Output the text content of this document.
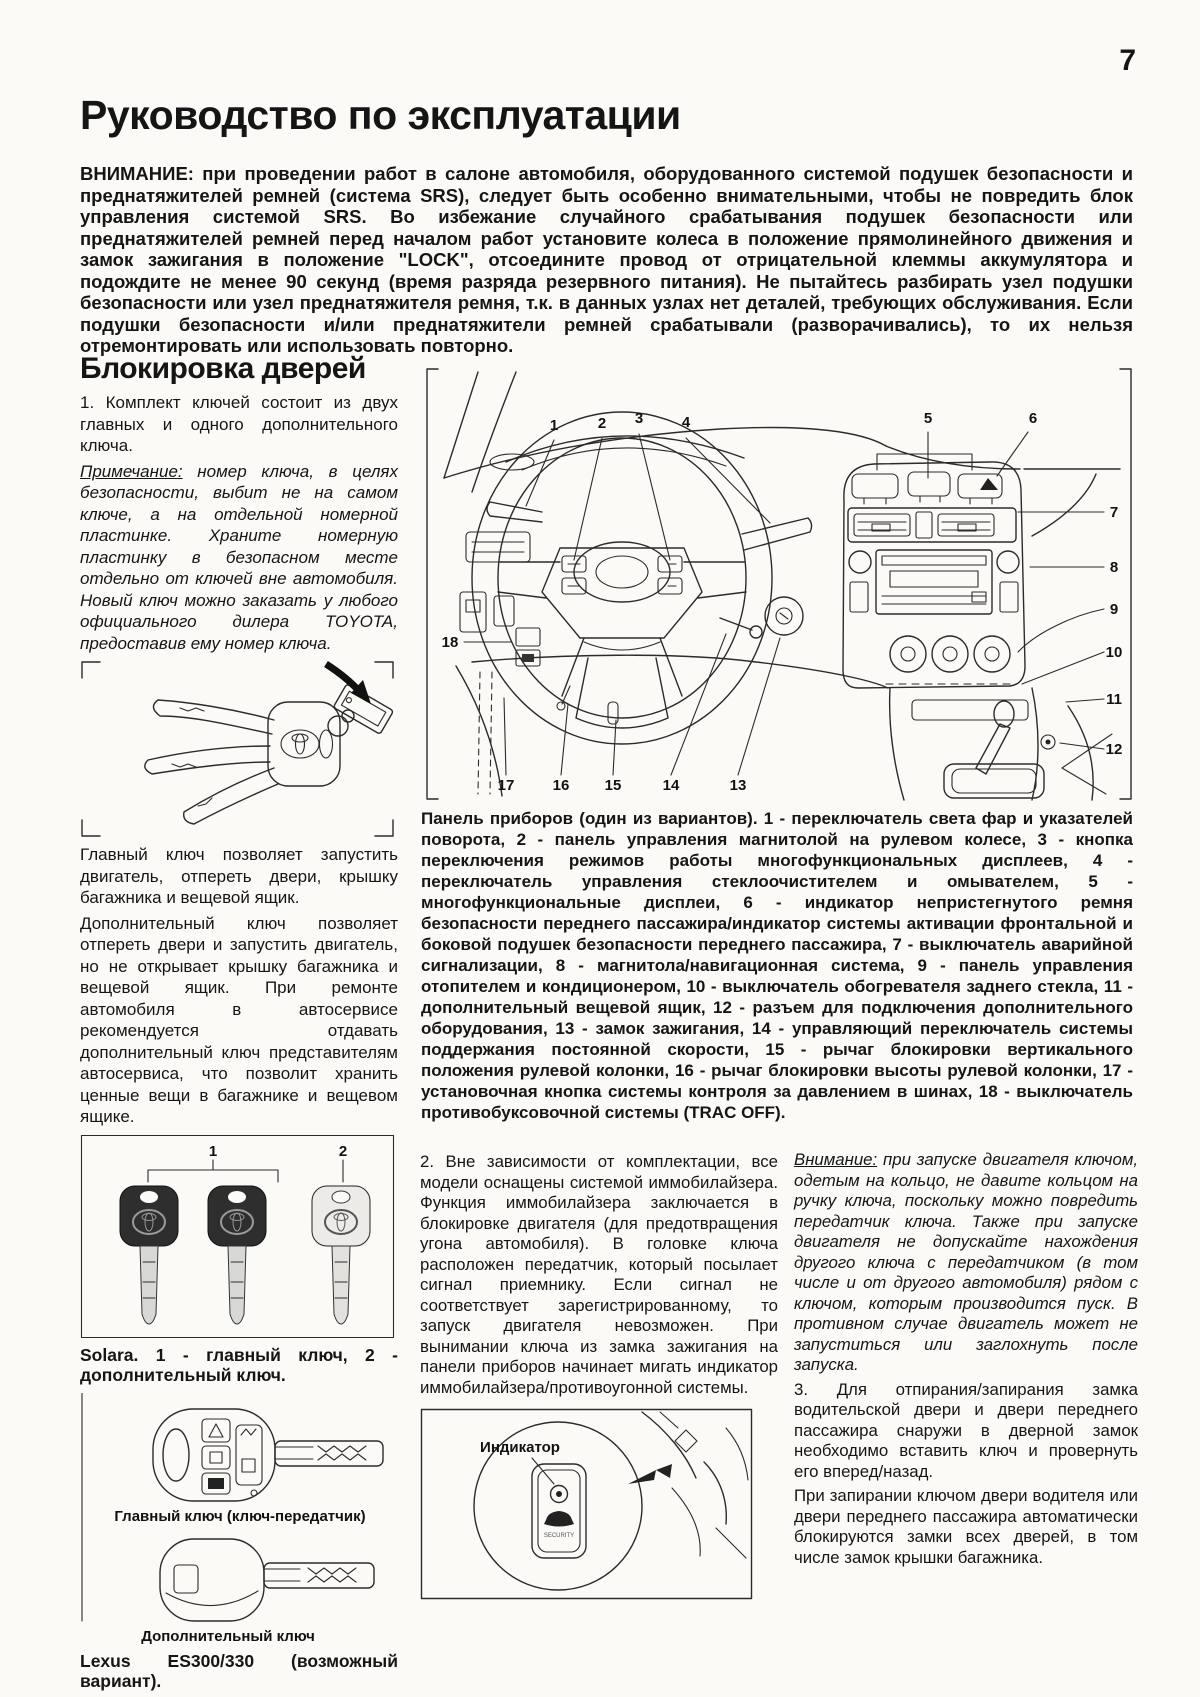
7
Руководство по эксплуатации
ВНИМАНИЕ: при проведении работ в салоне автомобиля, оборудованного системой подушек безопасности и преднатяжителей ремней (система SRS), следует быть особенно внимательными, чтобы не повредить блок управления системой SRS. Во избежание случайного срабатывания подушек безопасности или преднатяжителей ремней перед началом работ установите колеса в положение прямолинейного движения и замок зажигания в положение "LOCK", отсоедините провод от отрицательной клеммы аккумулятора и подождите не менее 90 секунд (время разряда резервного питания). Не пытайтесь разбирать узел подушки безопасности или узел преднатяжителя ремня, т.к. в данных узлах нет деталей, требующих обслуживания. Если подушки безопасности и/или преднатяжители ремней срабатывали (разворачивались), то их нельзя отремонтировать или использовать повторно.
Блокировка дверей

1. Комплект ключей состоит из двух главных и одного дополнительного ключа.

Примечание: номер ключа, в целях безопасности, выбит не на самом ключе, а на отдельной номерной пластинке. Храните номерную пластинку в безопасном месте отдельно от ключей вне автомобиля. Новый ключ можно заказать у любого официального дилера TOYOTA, предоставив ему номер ключа.

Главный ключ позволяет запустить двигатель, отпереть двери, крышку багажника и вещевой ящик.

Дополнительный ключ позволяет отпереть двери и запустить двигатель, но не открывает крышку багажника и вещевой ящик. При ремонте автомобиля в автосервисе рекомендуется отдавать дополнительный ключ представителям автосервиса, что позволит хранить ценные вещи в багажнике и вещевом ящике.

1	2
Solara. 1 - главный ключ, 2 - дополнительный ключ.
Главный ключ (ключ-передатчик)
Дополнительный ключ
Lexus ES300/330 (возможный вариант).
1	2 3	4	5	6
7
8
9
10
11
12
13
14
15
16
17
18
Панель приборов (один из вариантов). 1 - переключатель света фар и указателей поворота, 2 - панель управления магнитолой на рулевом колесе, 3 - кнопка переключения режимов работы многофункциональных дисплеев, 4 - переключатель управления стеклоочистителем и омывателем, 5 - многофункциональные дисплеи, 6 - индикатор непристегнутого ремня безопасности переднего пассажира/индикатор системы активации фронтальной и боковой подушек безопасности переднего пассажира, 7 - выключатель аварийной сигнализации, 8 - магнитола/навигационная система, 9 - панель управления отопителем и кондиционером, 10 - выключатель обогревателя заднего стекла, 11 - дополнительный вещевой ящик, 12 - разъем для подключения дополнительного оборудования, 13 - замок зажигания, 14 - управляющий переключатель системы поддержания постоянной скорости, 15 - рычаг блокировки вертикального положения рулевой колонки, 16 - рычаг блокировки высоты рулевой колонки, 17 - установочная кнопка системы контроля за давлением в шинах, 18 - выключатель противобуксовочной системы (TRAC OFF).

2. Вне зависимости от комплектации, все модели оснащены системой иммобилайзера. Функция иммобилайзера заключается в блокировке двигателя (для предотвращения угона автомобиля). В головке ключа расположен передатчик, который посылает сигнал приемнику. Если сигнал не соответствует зарегистрированному, то запуск двигателя невозможен. При вынимании ключа из замка зажигания на панели приборов начинает мигать индикатор иммобилайзера/противоугонной системы.

Индикатор
SECURITY

Внимание: при запуске двигателя ключом, одетым на кольцо, не давите кольцом на ручку ключа, поскольку можно повредить передатчик ключа. Также при запуске двигателя не допускайте нахождения другого ключа с передатчиком (в том числе и от другого автомобиля) рядом с ключом, которым производится пуск. В противном случае двигатель может не запуститься или заглохнуть после запуска.

3. Для отпирания/запирания замка водительской двери и двери переднего пассажира снаружи в дверной замок необходимо вставить ключ и провернуть его вперед/назад.

При запирании ключом двери водителя или двери переднего пассажира автоматически блокируются замки всех дверей, в том числе замок крышки багажника.
